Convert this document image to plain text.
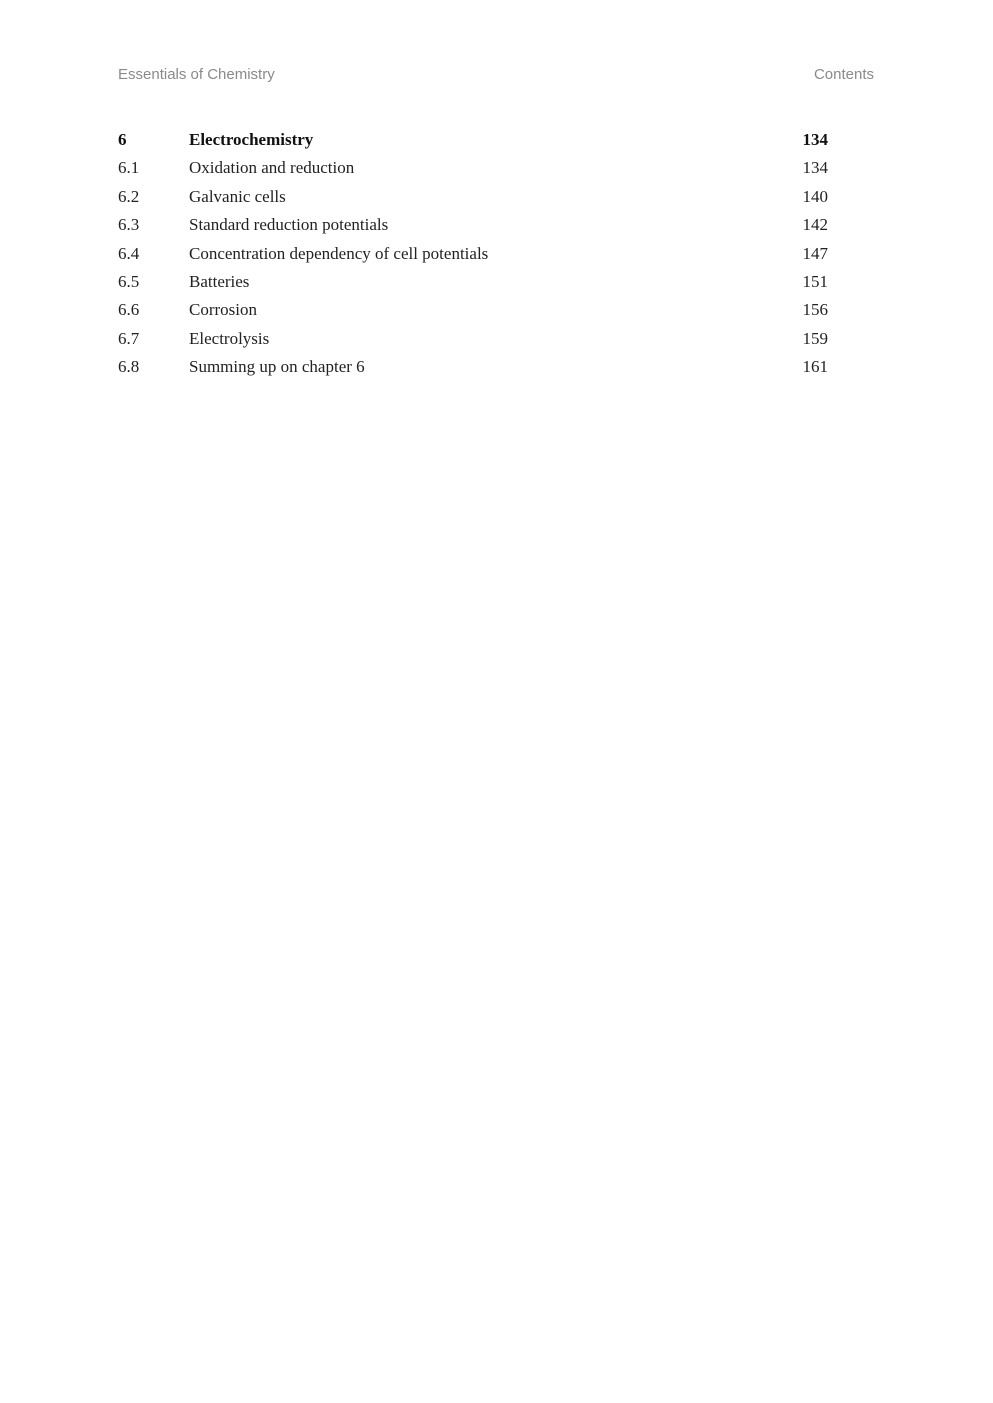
Essentials of Chemistry	Contents
6	Electrochemistry	134
6.1	Oxidation and reduction	134
6.2	Galvanic cells	140
6.3	Standard reduction potentials	142
6.4	Concentration dependency of cell potentials	147
6.5	Batteries	151
6.6	Corrosion	156
6.7	Electrolysis	159
6.8	Summing up on chapter 6	161
